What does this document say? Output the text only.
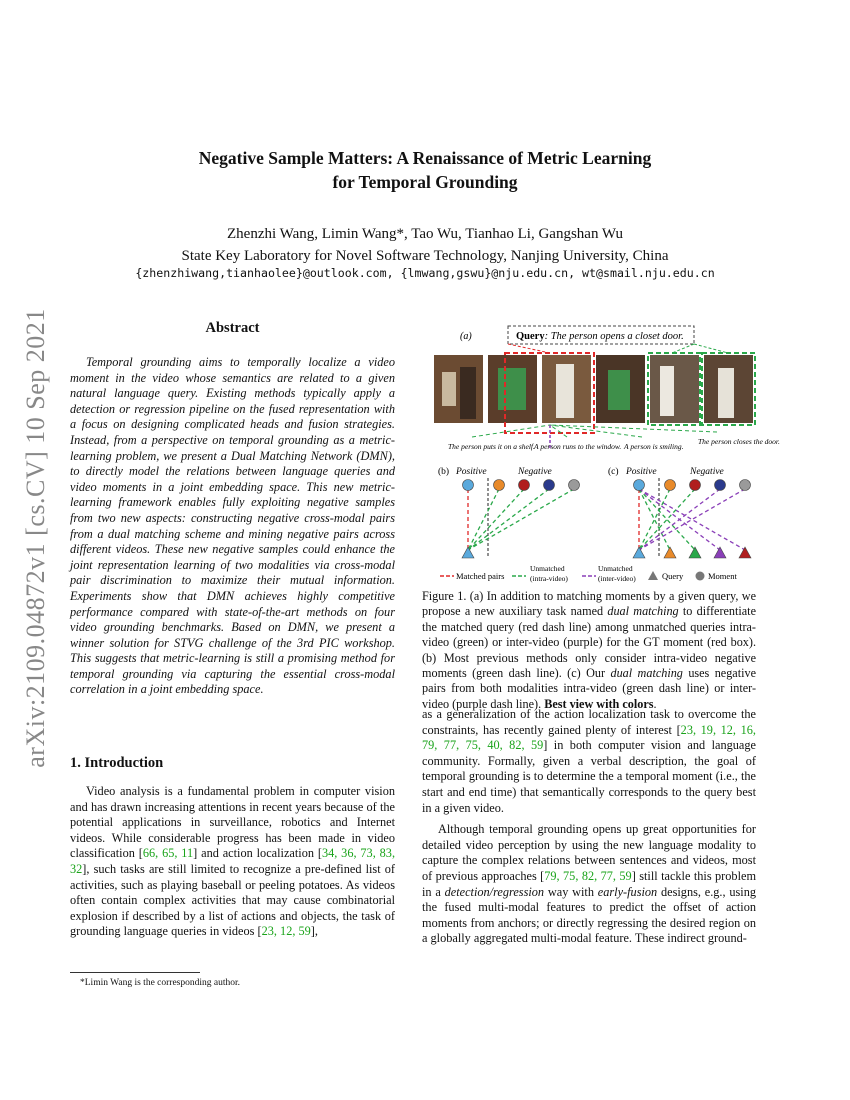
Negative Sample Matters: A Renaissance of Metric Learning
for Temporal Grounding
Zhenzhi Wang, Limin Wang*, Tao Wu, Tianhao Li, Gangshan Wu
State Key Laboratory for Novel Software Technology, Nanjing University, China
{zhenzhiwang,tianhaolee}@outlook.com, {lmwang,gswu}@nju.edu.cn, wt@smail.nju.edu.cn
arXiv:2109.04872v1 [cs.CV] 10 Sep 2021	Abstract

Temporal grounding aims to temporally localize a video moment in the video whose semantics are related to a given natural language query. Existing methods typically apply a detection or regression pipeline on the fused representation with a focus on designing complicated heads and fusion strategies. Instead, from a perspective on temporal grounding as a metric-learning problem, we present a Dual Matching Network (DMN), to directly model the relations between language queries and video moments in a joint embedding space. This new metric-learning framework enables fully exploiting negative samples from two new aspects: constructing negative cross-modal pairs from a dual matching scheme and mining negative pairs across different videos. These new negative samples could enhance the joint representation learning of two modalities via cross-modal pair discrimination to maximize their mutual information. Experiments show that DMN achieves highly competitive performance compared with state-of-the-art methods on four video grounding benchmarks. Based on DMN, we present a winner solution for STVG challenge of the 3rd PIC workshop. This suggests that metric-learning is still a promising method for temporal grounding via capturing the essential cross-modal correlation in a joint embedding space.

1. Introduction

Video analysis is a fundamental problem in computer vision and has drawn increasing attentions in recent years because of the potential applications in surveillance, robotics and Internet videos. While considerable progress has been made in video classification [66, 65, 11] and action localization [34, 36, 73, 83, 32], such tasks are still limited to recognize a pre-defined list of activities, such as playing baseball or peeling potatoes. As videos often contain complex activities that may cause combinatorial explosion if described by a list of actions and objects, the task of grounding language queries in videos [23, 12, 59],

*Limin Wang is the corresponding author.
(a)	Query: The person opens a closet door.
The person puts it on a shelf. A person runs to the window. A person is smiling.
The person closes the door.
(b) Positive	Negative	(c) Positive	Negative
Matched pairs
Unmatched
(intra-video)
Unmatched
(inter-video)	Query	Moment
Figure 1. (a) In addition to matching moments by a given query, we propose a new auxiliary task named dual matching to differentiate the matched query (red dash line) among unmatched queries intra-video (green) or inter-video (purple) for the GT moment (red box). (b) Most previous methods only consider intra-video negative moments (green dash line). (c) Our dual matching uses negative pairs from both modalities intra-video (green dash line) or inter-video (purple dash line). Best view with colors.

as a generalization of the action localization task to overcome the constraints, has recently gained plenty of interest [23, 19, 12, 16, 79, 77, 75, 40, 82, 59] in both computer vision and language community. Formally, given a verbal description, the goal of temporal grounding is to determine the a temporal moment (i.e., the start and end time) that semantically corresponds to the query best in a given video.

Although temporal grounding opens up great opportunities for detailed video perception by using the new language modality to capture the complex relations between sentences and videos, most of previous approaches [79, 75, 82, 77, 59] still tackle this problem in a detection/regression way with early-fusion designs, e.g., using the fused multi-modal features to predict the offset of action moments from anchors; or directly regressing the desired region on a globally aggregated multi-modal feature. These indirect ground-
